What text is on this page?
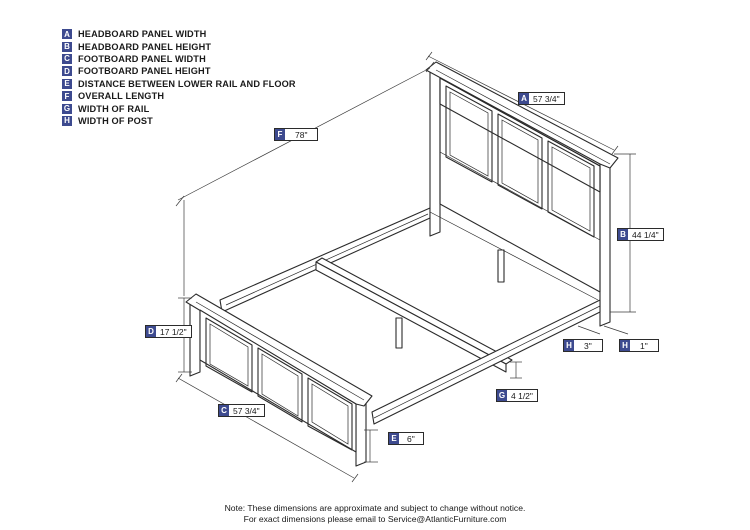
A HEADBOARD PANEL WIDTH
B HEADBOARD PANEL HEIGHT
C FOOTBOARD PANEL WIDTH
D FOOTBOARD PANEL HEIGHT
E DISTANCE BETWEEN LOWER RAIL AND FLOOR
F OVERALL LENGTH
G WIDTH OF RAIL
H WIDTH OF POST
A 57 3/4"
B 44 1/4"
F	78"
D 17 1/2"
C 57 3/4"
E	6"
G 4 1/2"
H	3"	H	1"
Note: These dimensions are approximate and subject to change without notice.
For exact dimensions please email to Service@AtlanticFurniture.com
